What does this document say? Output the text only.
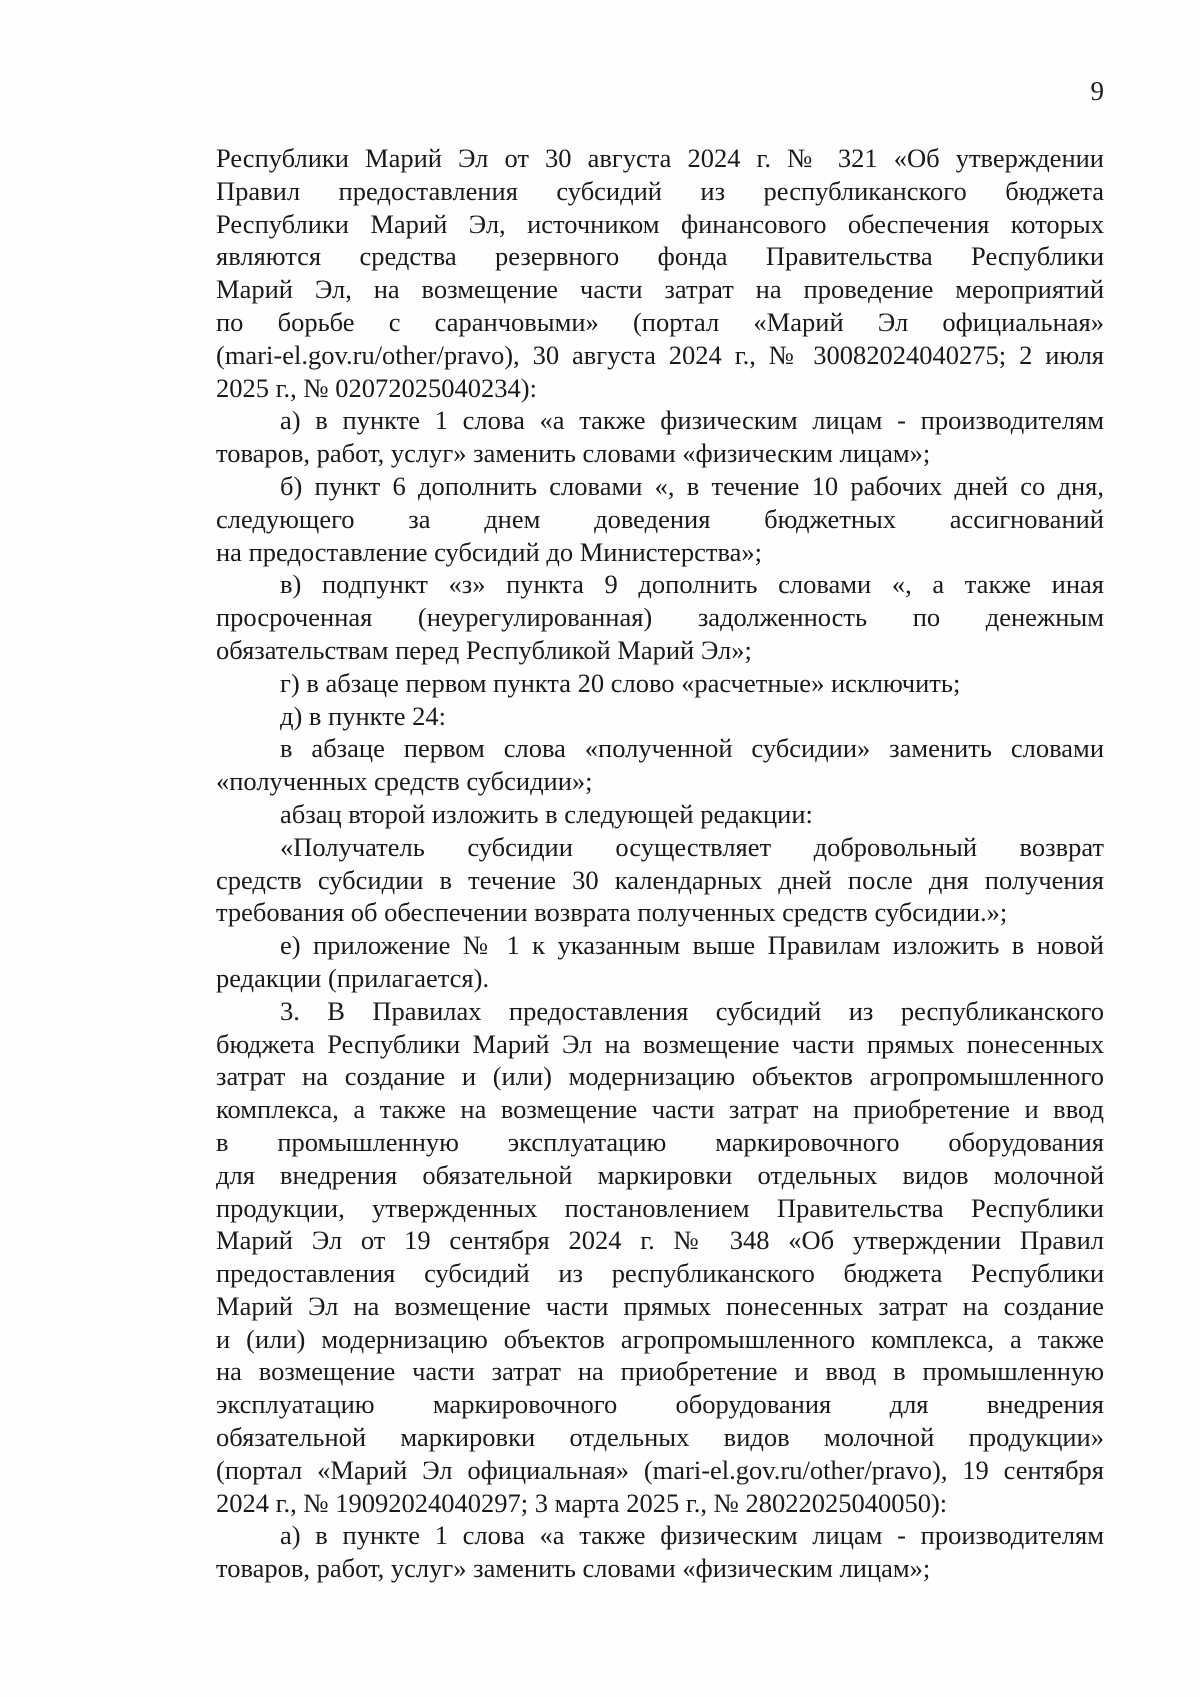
9
Республики Марий Эл от 30 августа 2024 г. № 321 «Об утверждении
Правил предоставления субсидий из республиканского бюджета
Республики Марий Эл, источником финансового обеспечения которых
являются средства резервного фонда Правительства Республики
Марий Эл, на возмещение части затрат на проведение мероприятий
по борьбе с саранчовыми» (портал «Марий Эл официальная»
(mari-el.gov.ru/other/pravo), 30 августа 2024 г., № 30082024040275; 2 июля
2025 г., № 02072025040234):
а) в пункте 1 слова «а также физическим лицам - производителям
товаров, работ, услуг» заменить словами «физическим лицам»;
б) пункт 6 дополнить словами «, в течение 10 рабочих дней со дня,
следующего за днем доведения бюджетных ассигнований
на предоставление субсидий до Министерства»;
в) подпункт «з» пункта 9 дополнить словами «, а также иная
просроченная (неурегулированная) задолженность по денежным
обязательствам перед Республикой Марий Эл»;
г) в абзаце первом пункта 20 слово «расчетные» исключить;
д) в пункте 24:
в абзаце первом слова «полученной субсидии» заменить словами
«полученных средств субсидии»;
абзац второй изложить в следующей редакции:
«Получатель субсидии осуществляет добровольный возврат
средств субсидии в течение 30 календарных дней после дня получения
требования об обеспечении возврата полученных средств субсидии.»;
е) приложение № 1 к указанным выше Правилам изложить в новой
редакции (прилагается).
3. В Правилах предоставления субсидий из республиканского
бюджета Республики Марий Эл на возмещение части прямых понесенных
затрат на создание и (или) модернизацию объектов агропромышленного
комплекса, а также на возмещение части затрат на приобретение и ввод
в промышленную эксплуатацию маркировочного оборудования
для внедрения обязательной маркировки отдельных видов молочной
продукции, утвержденных постановлением Правительства Республики
Марий Эл от 19 сентября 2024 г. № 348 «Об утверждении Правил
предоставления субсидий из республиканского бюджета Республики
Марий Эл на возмещение части прямых понесенных затрат на создание
и (или) модернизацию объектов агропромышленного комплекса, а также
на возмещение части затрат на приобретение и ввод в промышленную
эксплуатацию маркировочного оборудования для внедрения
обязательной маркировки отдельных видов молочной продукции»
(портал «Марий Эл официальная» (mari-el.gov.ru/other/pravo), 19 сентября
2024 г., № 19092024040297; 3 марта 2025 г., № 28022025040050):
а) в пункте 1 слова «а также физическим лицам - производителям
товаров, работ, услуг» заменить словами «физическим лицам»;
